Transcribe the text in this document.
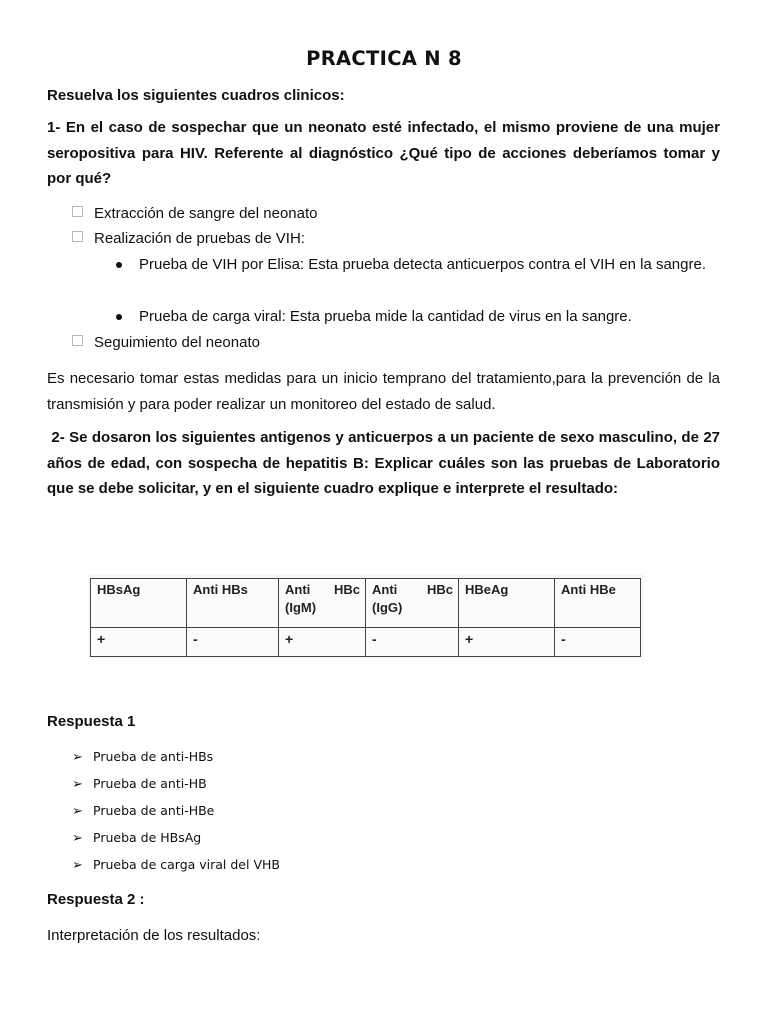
PRACTICA N 8
Resuelva los siguientes cuadros clinicos:
1- En el caso de sospechar que un neonato esté infectado, el mismo proviene de una mujer seropositiva para HIV. Referente al diagnóstico ¿Qué tipo de acciones deberíamos tomar y por qué?
Extracción de sangre del neonato
Realización de pruebas de VIH:
Prueba de VIH por Elisa: Esta prueba detecta anticuerpos contra el VIH en la sangre.
Prueba de carga viral: Esta prueba mide la cantidad de virus en la sangre.
Seguimiento del neonato
Es necesario tomar estas medidas para un inicio temprano del tratamiento,para la prevención de la transmisión y para poder realizar un monitoreo del estado de salud.
2- Se dosaron los siguientes antigenos y anticuerpos a un paciente de sexo masculino, de 27 años de edad, con sospecha de hepatitis B: Explicar cuáles son las pruebas de Laboratorio que se debe solicitar, y en el siguiente cuadro explique e interprete el resultado:
HBsAg	Anti HBs	Anti HBc (IgM)	Anti HBc (IgG)	HBeAg	Anti HBe
+	-	+	-	+	-
Respuesta 1
➢ Prueba de anti-HBs
➢ Prueba de anti-HB
➢ Prueba de anti-HBe
➢ Prueba de HBsAg
➢ Prueba de carga viral del VHB
Respuesta 2 :
Interpretación de los resultados:
